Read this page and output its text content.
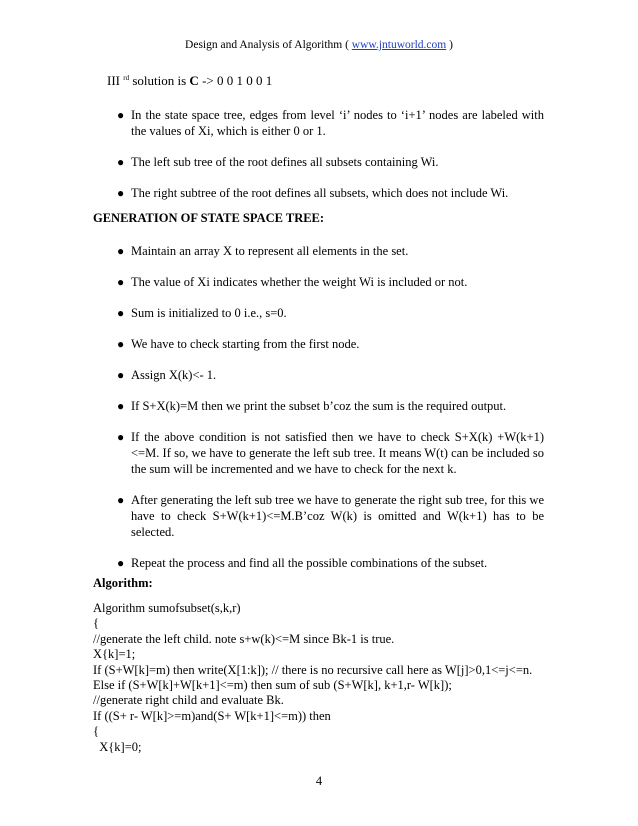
Design and Analysis of Algorithm ( www.jntuworld.com )
III $^{rd}$ solution is C -> 0 0 1 0 0 1
● In the state space tree, edges from level ‘i’ nodes to ‘i+1’ nodes are labeled with the values of Xi, which is either 0 or 1.
● The left sub tree of the root defines all subsets containing Wi.
● The right subtree of the root defines all subsets, which does not include Wi.
GENERATION OF STATE SPACE TREE:
● Maintain an array X to represent all elements in the set.
● The value of Xi indicates whether the weight Wi is included or not.
● Sum is initialized to 0 i.e., s=0.
● We have to check starting from the first node.
● Assign X(k)<- 1.
● If S+X(k)=M then we print the subset b’coz the sum is the required output.
● If the above condition is not satisfied then we have to check S+X(k) +W(k+1)<=M. If so, we have to generate the left sub tree. It means W(t) can be included so the sum will be incremented and we have to check for the next k.
● After generating the left sub tree we have to generate the right sub tree, for this we have to check S+W(k+1)<=M.B’coz W(k) is omitted and W(k+1) has to be selected.
● Repeat the process and find all the possible combinations of the subset.
Algorithm:
Algorithm sumofsubset(s,k,r)
{
//generate the left child. note s+w(k)<=M since Bk-1 is true.
X{k]=1;
If (S+W[k]=m) then write(X[1:k]); // there is no recursive call here as W[j]>0,1<=j<=n.
Else if (S+W[k]+W[k+1]<=m) then sum of sub (S+W[k], k+1,r- W[k]);
//generate right child and evaluate Bk.
If ((S+ r- W[k]>=m)and(S+ W[k+1]<=m)) then
{
X{k]=0;
4
